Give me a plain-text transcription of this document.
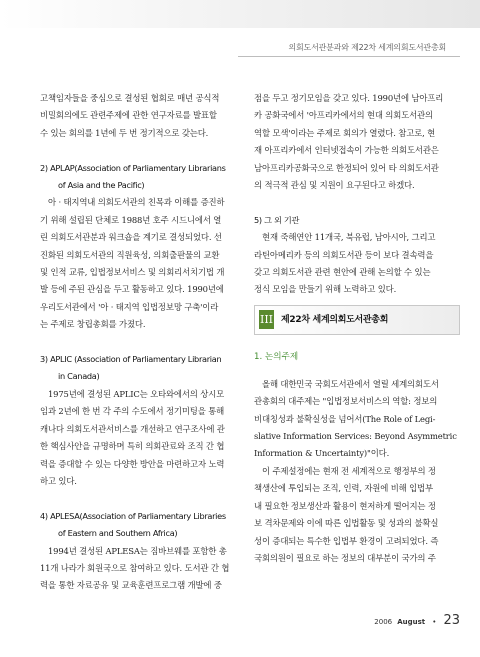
의회도서관분과와 제22차 세계의회도서관총회

고책임자들을 중심으로 결성된 협회로 매년 공식적

비밀회의에도 관련주제에 관한 연구자료를 발표할

수 있는 회의를 1년에 두 번 정기적으로 갖는다.

2) APLAP(Association of Parliamentary Librarians

of Asia and the Pacific)

아 · 태지역내 의회도서관의 친목과 이해를 증진하

기 위해 설립된 단체로 1988년 호주 시드니에서 열

린 의회도서관분과 워크숍을 계기로 결성되었다. 선

진화된 의회도서관의 직원육성, 의회출판물의 교환

및 인적 교류, 입법정보서비스 및 의회리서치기법 개

발 등에 주된 관심을 두고 활동하고 있다. 1990년에

우리도서관에서 '아 · 태지역 입법정보망 구축'이라

는 주제로 창립총회를 가졌다.

3) APLIC (Association of Parliamentary Librarian

in Canada)

1975년에 결성된 APLIC는 오타와에서의 상시모

임과 2년에 한 번 각 주의 수도에서 정기미팅을 통해

캐나다 의회도서관서비스를 개선하고 연구조사에 관

한 핵심사안을 규명하며 특히 의회관료와 조직 간 협

력을 증대할 수 있는 다양한 방안을 마련하고자 노력

하고 있다.

4) APLESA(Association of Parliamentary Libraries

of Eastern and Southern Africa)

1994년 결성된 APLESA는 짐바브웨를 포함한 총

11개 나라가 회원국으로 참여하고 있다. 도서관 간 협

력을 통한 자료공유 및 교육훈련프로그램 개발에 중

점을 두고 정기모임을 갖고 있다. 1990년에 남아프리

카 공화국에서 '아프리카에서의 현대 의회도서관의

역할 모색'이라는 주제로 회의가 열렸다. 참고로, 현

재 아프리카에서 인터넷접속이 가능한 의회도서관은

남아프리카공화국으로 한정되어 있어 타 의회도서관

의 적극적 관심 및 지원이 요구된다고 하겠다.

5) 그 외 기관

현재 죽해연안 11개국, 북유럽, 남아시아, 그리고

라틴아메리카 등의 의회도서관 등이 보다 결속력을

갖고 의회도서관 관련 현안에 관해 논의할 수 있는

정식 모임을 만들기 위해 노력하고 있다.

III 제22차 세계의회도서관총회
1. 논의주제

올해 대한민국 국회도서관에서 열릴 세계의회도서

관총회의 대주제는 "입법정보서비스의 역할: 정보의

비대칭성과 불확실성을 넘어서(The Role of Legi-

slative Information Services: Beyond Asymmetric

Information & Uncertainty)"이다.

이 주제설정에는 현재 전 세계적으로 행정부의 정

책생산에 투입되는 조직, 인력, 자원에 비해 입법부

내 필요한 정보생산과 활용이 현저하게 떨어지는 정

보 격차문제와 이에 따른 입법활동 및 성과의 불확실

성이 증대되는 특수한 입법부 환경이 고려되었다. 즉

국회의원이 필요로 하는 정보의 대부분이 국가의 주

2006 August • 23
